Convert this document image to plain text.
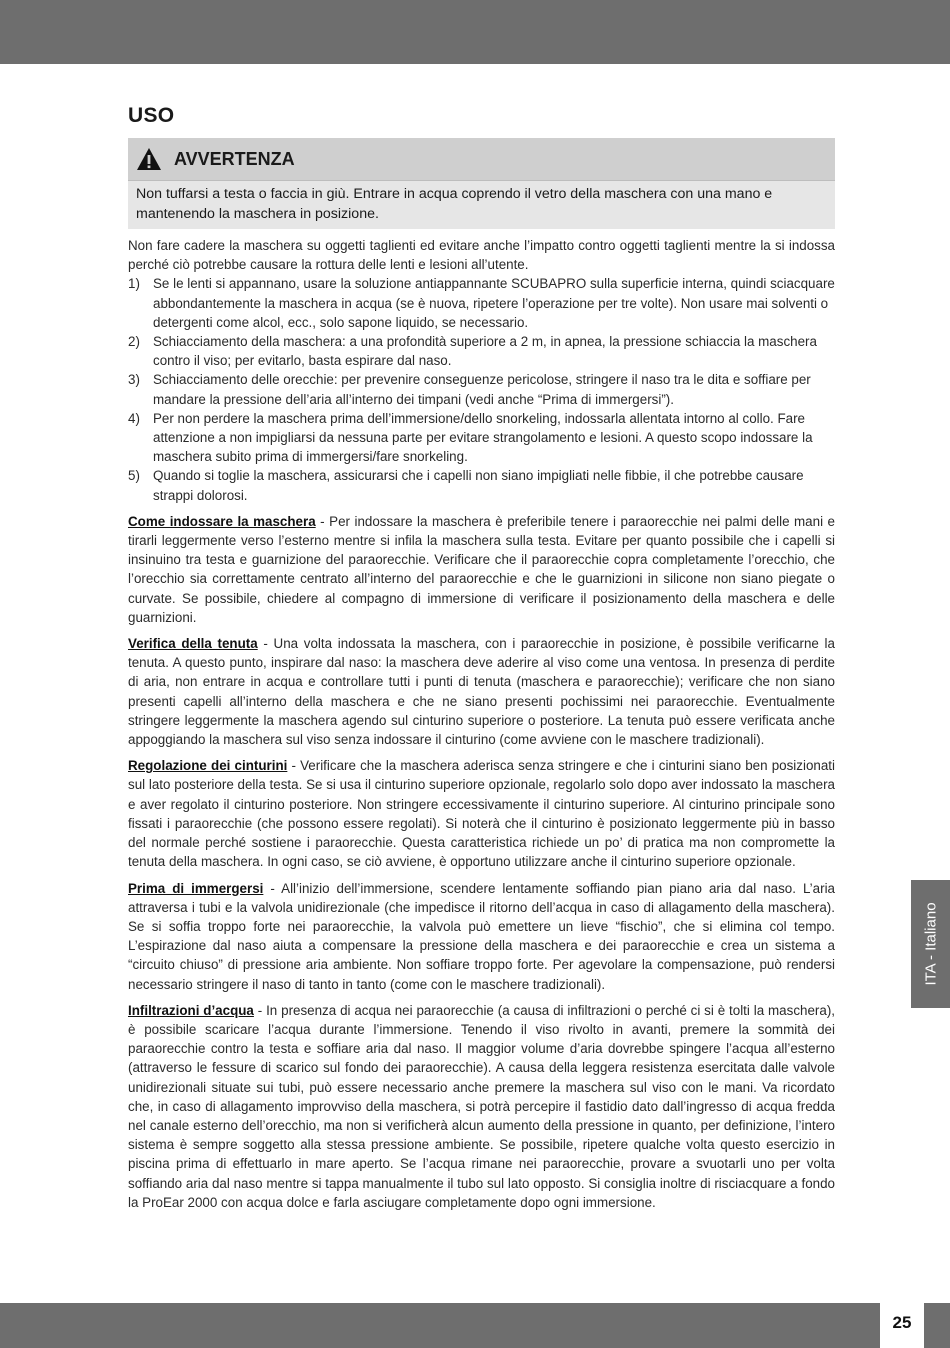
USO
AVVERTENZA
Non tuffarsi a testa o faccia in giù. Entrare in acqua coprendo il vetro della maschera con una mano e mantenendo la maschera in posizione.

Non fare cadere la maschera su oggetti taglienti ed evitare anche l’impatto contro oggetti taglienti mentre la si indossa perché ciò potrebbe causare la rottura delle lenti e lesioni all’utente.

1) Se le lenti si appannano, usare la soluzione antiappannante SCUBAPRO sulla superficie interna, quindi sciacquare abbondantemente la maschera in acqua (se è nuova, ripetere l’operazione per tre volte). Non usare mai solventi o detergenti come alcol, ecc., solo sapone liquido, se necessario.
2) Schiacciamento della maschera: a una profondità superiore a 2 m, in apnea, la pressione schiaccia la maschera contro il viso; per evitarlo, basta espirare dal naso.
3) Schiacciamento delle orecchie: per prevenire conseguenze pericolose, stringere il naso tra le dita e soffiare per mandare la pressione dell’aria all’interno dei timpani (vedi anche “Prima di immergersi”).
4) Per non perdere la maschera prima dell’immersione/dello snorkeling, indossarla allentata intorno al collo. Fare attenzione a non impigliarsi da nessuna parte per evitare strangolamento e lesioni. A questo scopo indossare la maschera subito prima di immergersi/fare snorkeling.
5) Quando si toglie la maschera, assicurarsi che i capelli non siano impigliati nelle fibbie, il che potrebbe causare strappi dolorosi.

Come indossare la maschera - Per indossare la maschera è preferibile tenere i paraorecchie nei palmi delle mani e tirarli leggermente verso l’esterno mentre si infila la maschera sulla testa. Evitare per quanto possibile che i capelli si insinuino tra testa e guarnizione del paraorecchie. Verificare che il paraorecchie copra completamente l’orecchio, che l’orecchio sia correttamente centrato all’interno del paraorecchie e che le guarnizioni in silicone non siano piegate o curvate. Se possibile, chiedere al compagno di immersione di verificare il posizionamento della maschera e delle guarnizioni.

Verifica della tenuta - Una volta indossata la maschera, con i paraorecchie in posizione, è possibile verificarne la tenuta. A questo punto, inspirare dal naso: la maschera deve aderire al viso come una ventosa. In presenza di perdite di aria, non entrare in acqua e controllare tutti i punti di tenuta (maschera e paraorecchie); verificare che non siano presenti capelli all’interno della maschera e che ne siano presenti pochissimi nei paraorecchie. Eventualmente stringere leggermente la maschera agendo sul cinturino superiore o posteriore. La tenuta può essere verificata anche appoggiando la maschera sul viso senza indossare il cinturino (come avviene con le maschere tradizionali).

Regolazione dei cinturini - Verificare che la maschera aderisca senza stringere e che i cinturini siano ben posizionati sul lato posteriore della testa. Se si usa il cinturino superiore opzionale, regolarlo solo dopo aver indossato la maschera e aver regolato il cinturino posteriore. Non stringere eccessivamente il cinturino superiore. Al cinturino principale sono fissati i paraorecchie (che possono essere regolati). Si noterà che il cinturino è posizionato leggermente più in basso del normale perché sostiene i paraorecchie. Questa caratteristica richiede un po’ di pratica ma non compromette la tenuta della maschera. In ogni caso, se ciò avviene, è opportuno utilizzare anche il cinturino superiore opzionale.

Prima di immergersi - All’inizio dell’immersione, scendere lentamente soffiando pian piano aria dal naso. L’aria attraversa i tubi e la valvola unidirezionale (che impedisce il ritorno dell’acqua in caso di allagamento della maschera). Se si soffia troppo forte nei paraorecchie, la valvola può emettere un lieve “fischio”, che si elimina col tempo. L’espirazione dal naso aiuta a compensare la pressione della maschera e dei paraorecchie e crea un sistema a “circuito chiuso” di pressione aria ambiente. Non soffiare troppo forte. Per agevolare la compensazione, può rendersi necessario stringere il naso di tanto in tanto (come con le maschere tradizionali).

Infiltrazioni d’acqua - In presenza di acqua nei paraorecchie (a causa di infiltrazioni o perché ci si è tolti la maschera), è possibile scaricare l’acqua durante l’immersione. Tenendo il viso rivolto in avanti, premere la sommità dei paraorecchie contro la testa e soffiare aria dal naso. Il maggior volume d’aria dovrebbe spingere l’acqua all’esterno (attraverso le fessure di scarico sul fondo dei paraorecchie). A causa della leggera resistenza esercitata dalle valvole unidirezionali situate sui tubi, può essere necessario anche premere la maschera sul viso con le mani. Va ricordato che, in caso di allagamento improvviso della maschera, si potrà percepire il fastidio dato dall’ingresso di acqua fredda nel canale esterno dell’orecchio, ma non si verificherà alcun aumento della pressione in quanto, per definizione, l’intero sistema è sempre soggetto alla stessa pressione ambiente. Se possibile, ripetere qualche volta questo esercizio in piscina prima di effettuarlo in mare aperto. Se l’acqua rimane nei paraorecchie, provare a svuotarli uno per volta soffiando aria dal naso mentre si tappa manualmente il tubo sul lato opposto. Si consiglia inoltre di risciacquare a fondo la ProEar 2000 con acqua dolce e farla asciugare completamente dopo ogni immersione.

ITA - Italiano
25
